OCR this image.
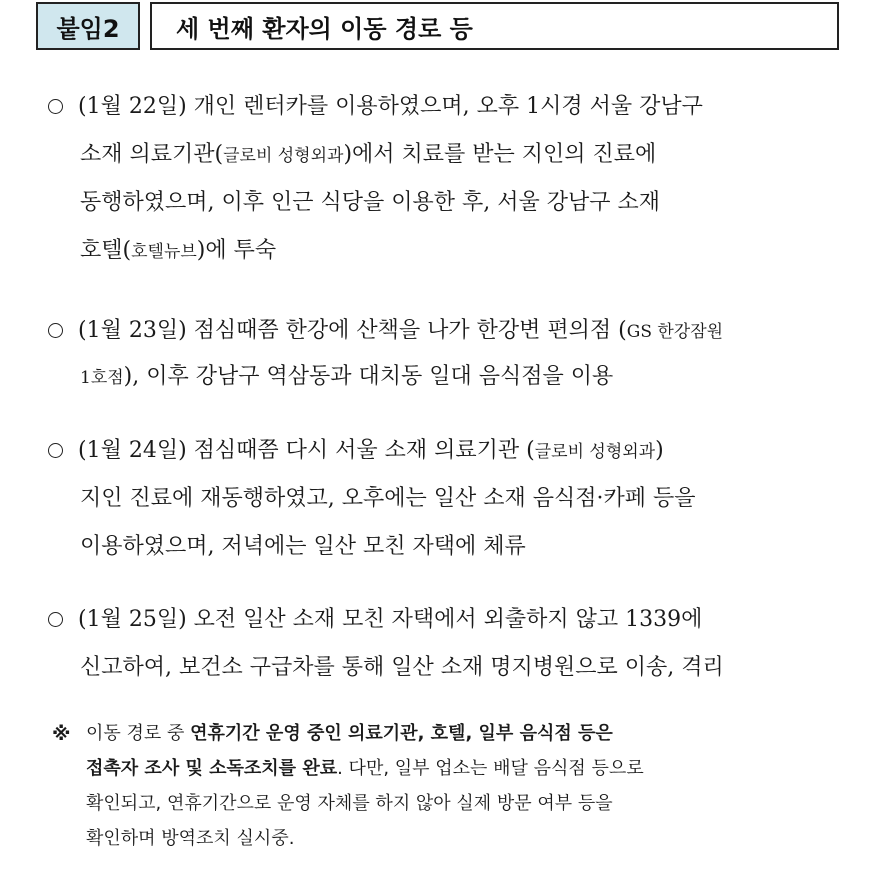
붙임2	세 번째 환자의 이동 경로 등
(1월 22일) 개인 렌터카를 이용하였으며, 오후 1시경 서울 강남구
소재 의료기관(글로비 성형외과)에서 치료를 받는 지인의 진료에
동행하였으며, 이후 인근 식당을 이용한 후, 서울 강남구 소재
호텔(호텔뉴브)에 투숙
(1월 23일) 점심때쯤 한강에 산책을 나가 한강변 편의점 (GS 한강잠원
1호점), 이후 강남구 역삼동과 대치동 일대 음식점을 이용
(1월 24일) 점심때쯤 다시 서울 소재 의료기관 (글로비 성형외과)
지인 진료에 재동행하였고, 오후에는 일산 소재 음식점·카페 등을
이용하였으며, 저녁에는 일산 모친 자택에 체류
(1월 25일) 오전 일산 소재 모친 자택에서 외출하지 않고 1339에
신고하여, 보건소 구급차를 통해 일산 소재 명지병원으로 이송, 격리
※ 이동 경로 중 연휴기간 운영 중인 의료기관, 호텔, 일부 음식점 등은
접촉자 조사 및 소독조치를 완료. 다만, 일부 업소는 배달 음식점 등으로
확인되고, 연휴기간으로 운영 자체를 하지 않아 실제 방문 여부 등을
확인하며 방역조치 실시중.
